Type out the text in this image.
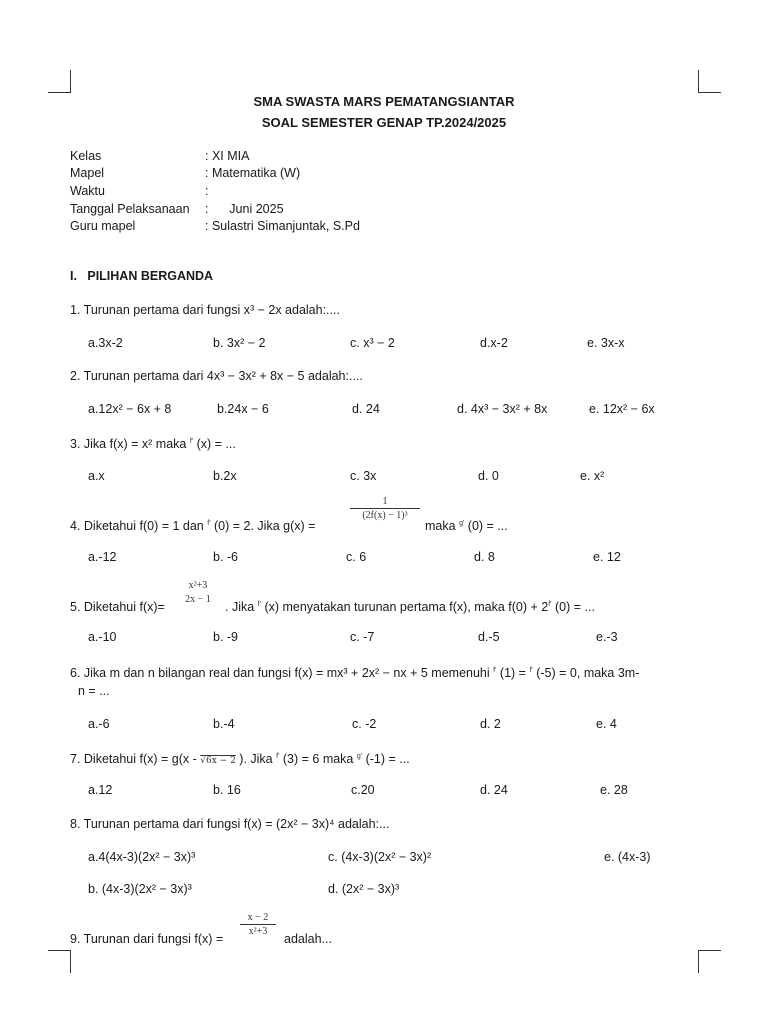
SMA SWASTA MARS PEMATANGSIANTAR
SOAL SEMESTER GENAP TP.2024/2025
Kelas	: XI MIA
Mapel	: Matematika (W)
Waktu	:
Tanggal Pelaksanaan :      Juni 2025
Guru mapel	: Sulastri Simanjuntak, S.Pd
I.   PILIHAN BERGANDA
1. Turunan pertama dari fungsi x³ − 2x adalah:....
a.3x-2	b. 3x² − 2	c. x³ − 2	d.x-2	e. 3x-x
2. Turunan pertama dari 4x³ − 3x² + 8x − 5 adalah:....
a.12x² − 6x + 8	b.24x − 6	d. 24	d. 4x³ − 3x² + 8x	e. 12x² − 6x
3. Jika f(x) = x² maka $^{f'}$ (x) = ...
a.x	b.2x	c. 3x	d. 0	e. x²
4. Diketahui f(0) = 1 dan $^{f'}$ (0) = 2. Jika g(x) =
1
(2f(x) − 1)³
maka $^{g'}$ (0) = ...
a.-12	b. -6	c. 6	d. 8	e. 12
5. Diketahui f(x)=
x²+3
2x − 1
. Jika $^{f'}$ (x) menyatakan turunan pertama f(x), maka $f(0) + 2^{f'}$ (0) = ...
a.-10	b. -9	c. -7	d.-5	e.-3
6. Jika m dan n bilangan real dan fungsi f(x) = mx³ + 2x² − nx + 5 memenuhi $^{f'}$ (1) = $^{f'}$ (-5) = 0, maka 3m-
n = ...
a.-6	b.-4	c. -2	d. 2	e. 4
7. Diketahui f(x) = g(x - √6x − 2 ). Jika $^{f'}$ (3) = 6 maka $^{g'}$ (-1) = ...
a.12	b. 16	c.20	d. 24	e. 28
8. Turunan pertama dari fungsi f(x) = (2x² − 3x)⁴ adalah:...
a.4(4x-3)(2x² − 3x)³	c. (4x-3)(2x² − 3x)²	e. (4x-3)
b. (4x-3)(2x² − 3x)³	d. (2x² − 3x)³
9. Turunan dari fungsi f(x) =
x − 2
x²+3
adalah...
